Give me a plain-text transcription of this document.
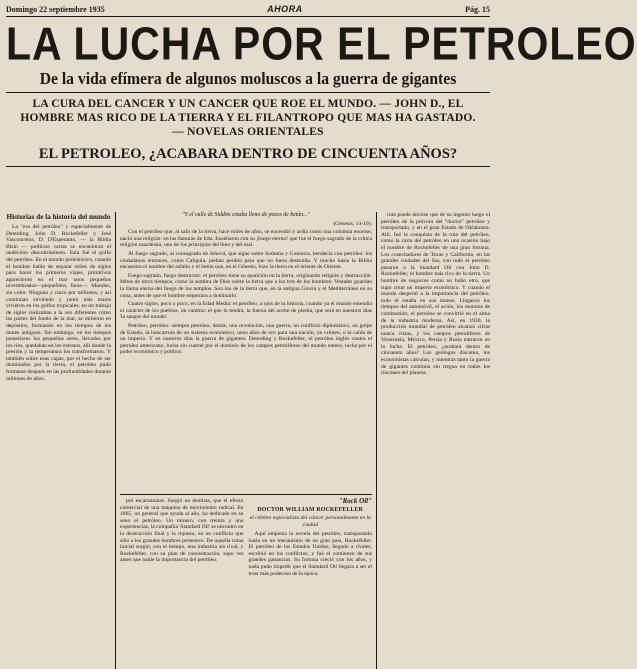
Domingo 22 septiembre 1935	AHORA	Pág. 15
LA LUCHA POR EL PETROLEO
De la vida efímera de algunos moluscos a la guerra de gigantes
LA CURA DEL CANCER Y UN CANCER QUE ROE EL MUNDO. — JOHN D., EL HOMBRE MAS RICO DE LA TIERRA Y EL FILANTROPO QUE MAS HA GASTADO. — NOVELAS ORIENTALES
EL PETROLEO, ¿ACABARA DENTRO DE CINCUENTA AÑOS?
Historias de la historia del mundo
La "era del petróleo" y especialmente de Deterding, John D. Rockefeller y José Vasconcelos, D. D'Esperanto, — la Biblia Bisin — políticas varias se encuentran el undécimo descubrimiento. Esta fué el golfo del petróleo. En el mundo prehistórico, cuando el hombre habla de separar miles de siglos para hacer los primeros viajes, primitivos aparecieron en el mar unos pequeños invertebrados—pequeñitos, finos—. Mundos, sin color. Ninguno y cinco por millones, y así continúan sirviendo y junto más mares vivieron en los golfos tropicales; en un trabajo de siglos realizaban a la vez diferentes cómo las partes del fondo de la mar, se mitieron en depósitos, formando en los tiempos de los mares antiguos. Sin embargo, en los tiempos posteriores los pequeños seres, llevados por los ríos, quedaban en los estratos, allí donde la presión y la temperatura los transformaron. Y también sobre esas capas, por el hecho de ser dominados por la tierra, el petróleo pudo formarse después en las profundidades durante millones de años.

"Y el valle de Siddim estaba lleno de pozos de betún..."

(Génesis, 14-10).

Con el petróleo que, al salir de la tierra, hace miles de años, se encendió y ardía como una columna enorme, nació una religión: en las llanuras de Irán. Enseñaron con su ¡fuego eterno! que fué el fuego sagrado de la crítica religión mazdeísta, uno de los principios del bien y del mal.

Al fuego sagrado, al consagrado de Jehová, que sigue sobre Sodoma y Gomorra, bendecía con petróleo: los ciudadanos entonces, como Calígula, pedían perdón para que no fuera destruida. Y mucho hasta la Biblia encuentra el nombre del asfalto y el betún que, en el Génesis, hizo la tierra en el oriente de Oriente.

Fuego sagrado, fuego destructor: el petróleo tiene su aparición en la tierra, originando religión y destrucción. Mitos de otros tiempos, como la sombra de Dios sobre la tierra que a los tres de los hombres: Vestales guardan la llama eterna del fuego de los templos. Son los de la tierra que, en la antigua Grecia y el Mediterráneo en su cuna, antes de que el hombre empezara a dominarlo.

Cuatro siglos, poco a poco, en la Edad Media: el petróleo, a ojos de la historia, cuando ya el mundo entendía el carácter de los pueblos, un cambio: el que lo tendrá, la fuerza del aceite de piedra, que será en nuestros días 'la sangre del mundo'.

Petróleo, petróleo: siempre petróleo; detrás, una revolución, una guerra, un conflicto diplomático, un golpe de Estado, la bancarrota de un sistema económico, unos años de oro para una nación, un crimen, o la caída de un imperio. Y en nuestros días la guerra de gigantes: Deterding y Rockefeller, el petróleo inglés contra el petróleo americano, lucha sin cuartel por el dominio de los campos petrolíferos del mundo entero, lucha por el poder económico y político.

pró escaramuzas. Surgió un dentista, que el efecto comercial de una máquina de movimiento radical. En 1865, un general que ayuda al año, ha dedicado en su seno el petróleo. Un minero, con treinta y una experiencias, la compañía 'Standard Oil' se encontró en la destrucción final y la riqueza, en un conflicto que sólo a los grandes hombres pertenece. De aquella ruina inicial surgió, con el tiempo, una industria sin rival, y Rockefeller, con su plan de concentración, supo ver antes que nadie la importancia del petróleo.
"Rock Oil"
DOCTOR WILLIAM ROCKEFELLER
el célebre especialista del cáncer personalmente en la ciudad
Aquí empieza la novela del petróleo, transportado hasta en un mecanismo de un gran país, Rockefeller. El petróleo de los Estados Unidos, llegado a rivales, escribió en los conflictos, y fué el comienzo de sus grandes ganancias. Su fortuna creció con los años, y nada pudo impedir que el Standard Oil llegara a ser el trust más poderoso de la época.
ruta puede decirse que de su ingenio luego el petróleo de la pólvora del "doctor" petróleo y transportado, y en el gran Estado de Oklahoma. Allí, fué la conquista de la ruta del petróleo, como la carta del petróleo en una ocasión bajo el nombre de Rockefeller de una gran fortuna. Los cosechadores de Texas y California, en las grandes ciudades del Sur, con todo el petróleo pasaron a la Standard Oil con John D. Rockefeller, el hombre más rico de la tierra. Un hombre de negocios como no hubo otro, que supo crear un imperio económico. Y cuando el mundo despertó a la importancia del petróleo, todo él estaba en sus manos. Llegaron los tiempos del automóvil, el avión, los motores de combustión; el petróleo se convirtió en el alma de la industria moderna. Así, en 1930, la producción mundial de petróleo alcanzó cifras nunca vistas, y los campos petrolíferos de Venezuela, México, Persia y Rusia entraron en la lucha. El petróleo, ¿acabará dentro de cincuenta años? Los geólogos discuten, los economistas calculan, y mientras tanto la guerra de gigantes continúa sin tregua en todos los rincones del planeta.
